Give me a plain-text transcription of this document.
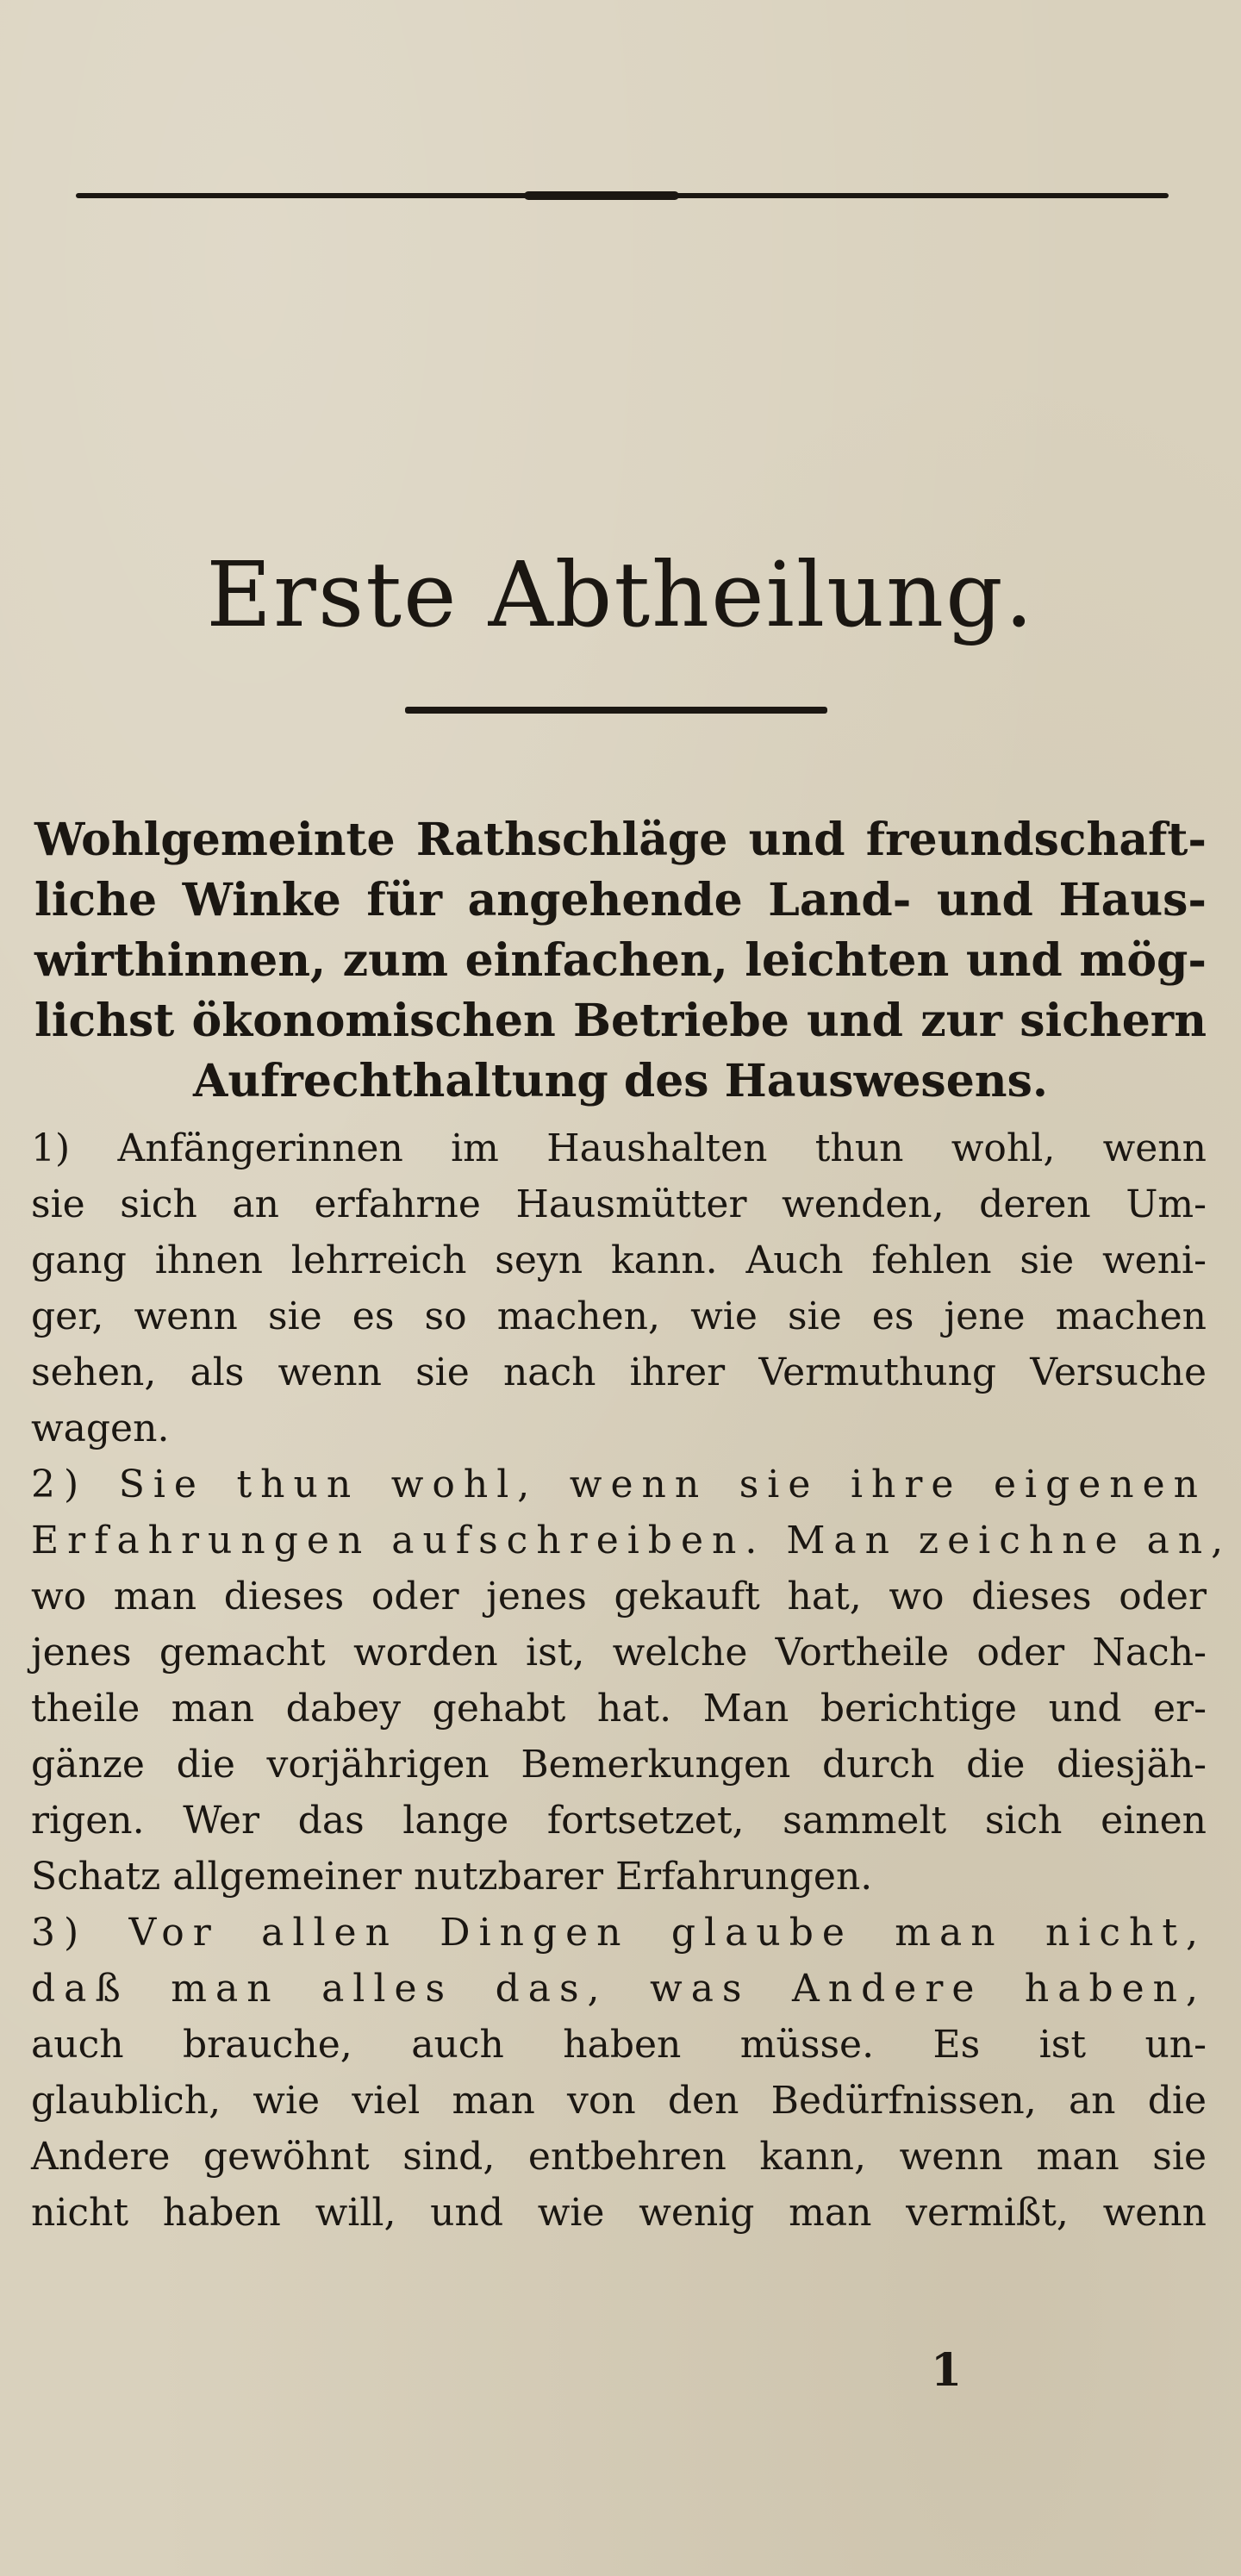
Erste Abtheilung.
Wohlgemeinte Rathschläge und freundschaft-
liche Winke für angehende Land- und Haus-
wirthinnen, zum einfachen, leichten und mög-
lichst ökonomischen Betriebe und zur sichern
Aufrechthaltung des Hauswesens.
1) Anfängerinnen im Haushalten thun wohl, wenn
sie sich an erfahrne Hausmütter wenden, deren Um-
gang ihnen lehrreich seyn kann. Auch fehlen sie weni-
ger, wenn sie es so machen, wie sie es jene machen
sehen, als wenn sie nach ihrer Vermuthung Versuche
wagen.
2) Sie thun wohl, wenn sie ihre eigenen
Erfahrungen aufschreiben. Man zeichne an,
wo man dieses oder jenes gekauft hat, wo dieses oder
jenes gemacht worden ist, welche Vortheile oder Nach-
theile man dabey gehabt hat. Man berichtige und er-
gänze die vorjährigen Bemerkungen durch die diesjäh-
rigen. Wer das lange fortsetzet, sammelt sich einen
Schatz allgemeiner nutzbarer Erfahrungen.
3) Vor allen Dingen glaube man nicht,
daß man alles das, was Andere haben,
auch brauche, auch haben müsse. Es ist un-
glaublich, wie viel man von den Bedürfnissen, an die
Andere gewöhnt sind, entbehren kann, wenn man sie
nicht haben will, und wie wenig man vermißt, wenn
1
